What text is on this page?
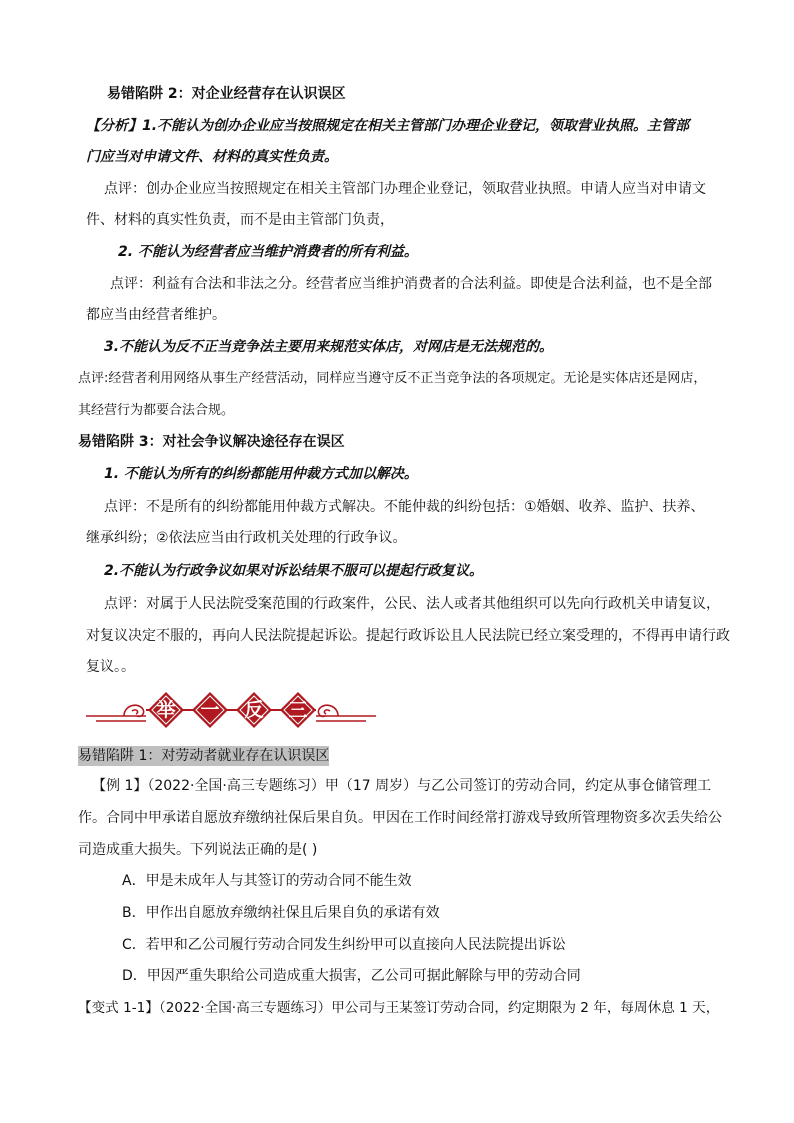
易错陷阱 2：对企业经营存在认识误区
【分析】1.不能认为创办企业应当按照规定在相关主管部门办理企业登记，领取营业执照。主管部
门应当对申请文件、材料的真实性负责。
点评：创办企业应当按照规定在相关主管部门办理企业登记，领取营业执照。申请人应当对申请文
件、材料的真实性负责，而不是由主管部门负责，
2. 不能认为经营者应当维护消费者的所有利益。
点评：利益有合法和非法之分。经营者应当维护消费者的合法利益。即使是合法利益，也不是全部
都应当由经营者维护。
3.不能认为反不正当竞争法主要用来规范实体店，对网店是无法规范的。
点评:经营者利用网络从事生产经营活动，同样应当遵守反不正当竞争法的各项规定。无论是实体店还是网店，
其经营行为都要合法合规。
易错陷阱 3：对社会争议解决途径存在误区
1. 不能认为所有的纠纷都能用仲裁方式加以解决。
点评：不是所有的纠纷都能用仲裁方式解决。不能仲裁的纠纷包括：①婚姻、收养、监护、扶养、
继承纠纷；②依法应当由行政机关处理的行政争议。
2.不能认为行政争议如果对诉讼结果不服可以提起行政复议。
点评：对属于人民法院受案范围的行政案件，公民、法人或者其他组织可以先向行政机关申请复议，
对复议决定不服的，再向人民法院提起诉讼。提起行政诉讼且人民法院已经立案受理的，不得再申请行政
复议。。
举	一	反	三
易错陷阱 1：对劳动者就业存在认识误区
【例 1】（2022·全国·高三专题练习）甲（17 周岁）与乙公司签订的劳动合同，约定从事仓储管理工
作。合同中甲承诺自愿放弃缴纳社保后果自负。甲因在工作时间经常打游戏导致所管理物资多次丢失给公
司造成重大损失。下列说法正确的是( )
A．甲是未成年人与其签订的劳动合同不能生效
B．甲作出自愿放弃缴纳社保且后果自负的承诺有效
C．若甲和乙公司履行劳动合同发生纠纷甲可以直接向人民法院提出诉讼
D．甲因严重失职给公司造成重大损害，乙公司可据此解除与甲的劳动合同
【变式 1-1】（2022·全国·高三专题练习）甲公司与王某签订劳动合同，约定期限为 2 年，每周休息 1 天，
